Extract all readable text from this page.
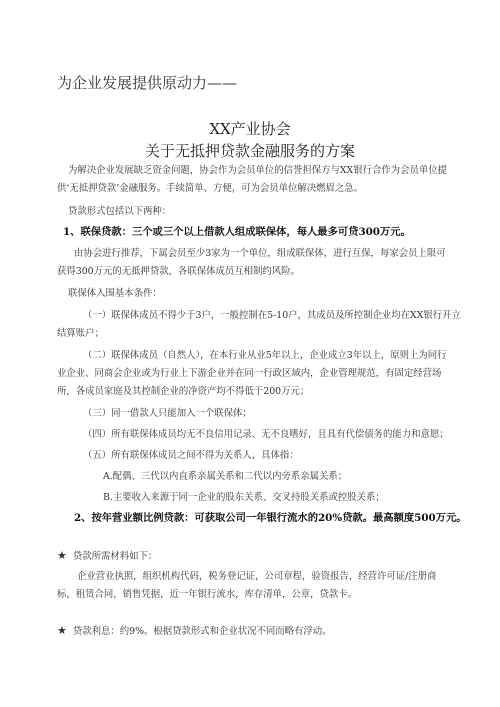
为企业发展提供原动力——
XX产业协会
关于无抵押贷款金融服务的方案
为解决企业发展缺乏资金问题，协会作为会员单位的信誉担保方与XX银行合作为会员单位提
供‘无抵押贷款’金融服务。手续简单、方便，可为会员单位解决燃眉之急。
贷款形式包括以下两种：
1、联保贷款：三个或三个以上借款人组成联保体，每人最多可贷300万元。
由协会进行推荐，下属会员至少3家为一个单位，组成联保体，进行互保，每家会员上限可
获得300万元的无抵押贷款，各联保体成员互相制约风险。
联保体入围基本条件：
（一）联保体成员不得少于3户，一般控制在5-10户，其成员及所控制企业均在XX银行开立
结算账户；
（二）联保体成员（自然人），在本行业从业5年以上，企业成立3年以上，原则上为同行
业企业、同商会企业或为行业上下游企业并在同一行政区域内，企业管理规范，有固定经营场
所，各成员家庭及其控制企业的净资产均不得低于200万元；
（三）同一借款人只能加入一个联保体；
（四）所有联保体成员均无不良信用记录、无不良嗜好，且具有代偿债务的能力和意愿；
（五）所有联保体成员之间不得为关系人，具体指：
A.配偶、三代以内直系亲属关系和二代以内旁系亲属关系；
B.主要收入来源于同一企业的股东关系、交叉持股关系或控股关系；
2、按年营业额比例贷款：可获取公司一年银行流水的20%贷款。最高额度500万元。
★ 贷款所需材料如下：
企业营业执照，组织机构代码，税务登记证，公司章程，验资报告，经营许可证/注册商
标，租赁合同，销售凭据，近一年银行流水，库存清单，公章，贷款卡。
★ 贷款利息：约9%。根据贷款形式和企业状况不同而略有浮动。
